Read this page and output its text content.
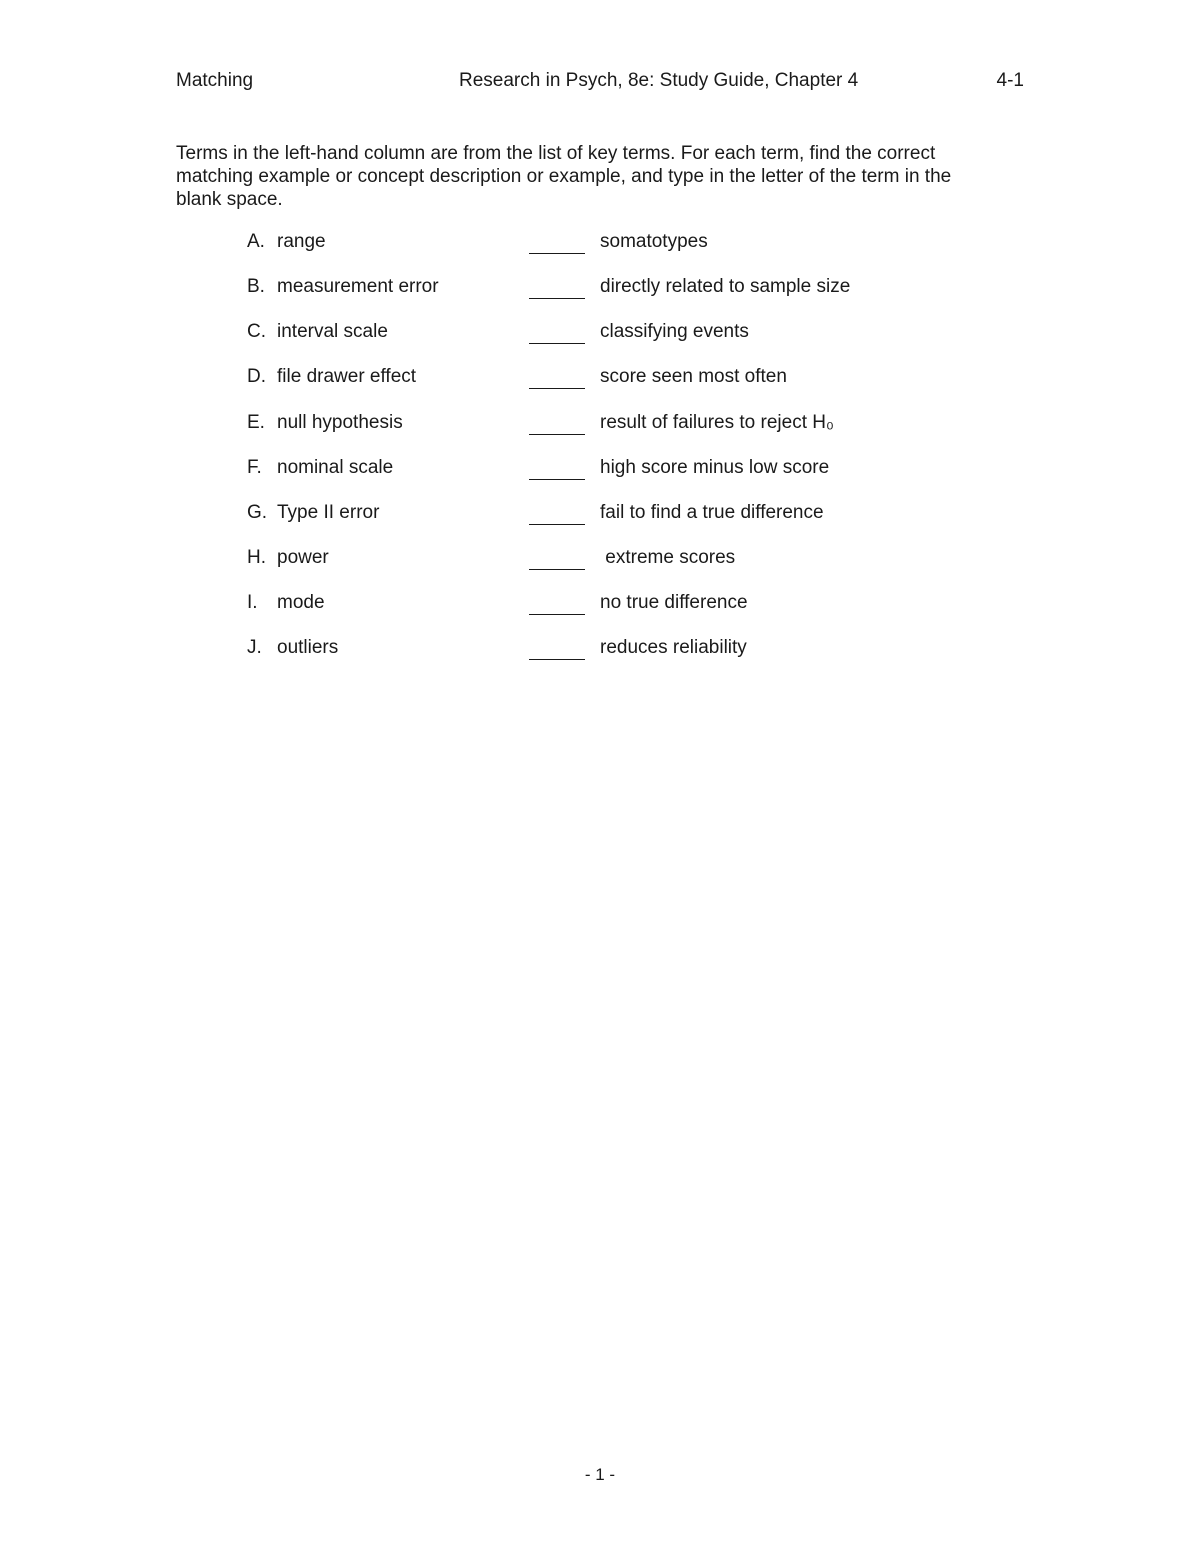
Matching	Research in Psych, 8e: Study Guide, Chapter 4	4-1
Terms in the left-hand column are from the list of key terms. For each term, find the correct matching example or concept description or example, and type in the letter of the term in the blank space.
A. range	somatotypes
B. measurement error	directly related to sample size
C. interval scale	classifying events
D. file drawer effect	score seen most often
E. null hypothesis	result of failures to reject H₀
F. nominal scale	high score minus low score
G. Type II error	fail to find a true difference
H. power	extreme scores
I.	mode	no true difference
J. outliers	reduces reliability
- 1 -
